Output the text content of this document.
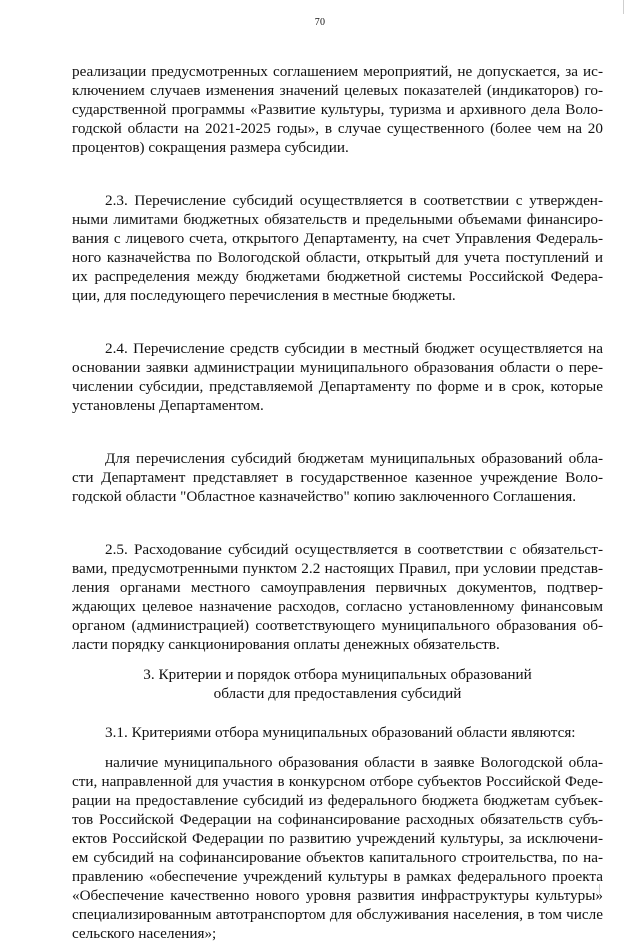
70

реализации предусмотренных соглашением мероприятий, не допускается, за исключением случаев изменения значений целевых показателей (индикаторов) государственной программы «Развитие культуры, туризма и архивного дела Вологодской области на 2021-2025 годы», в случае существенного (более чем на 20 процентов) сокращения размера субсидии.

2.3. Перечисление субсидий осуществляется в соответствии с утвержденными лимитами бюджетных обязательств и предельными объемами финансирования с лицевого счета, открытого Департаменту, на счет Управления Федерального казначейства по Вологодской области, открытый для учета поступлений и их распределения между бюджетами бюджетной системы Российской Федерации, для последующего перечисления в местные бюджеты.

2.4. Перечисление средств субсидии в местный бюджет осуществляется на основании заявки администрации муниципального образования области о перечислении субсидии, представляемой Департаменту по форме и в срок, которые установлены Департаментом.

Для перечисления субсидий бюджетам муниципальных образований области Департамент представляет в государственное казенное учреждение Вологодской области "Областное казначейство" копию заключенного Соглашения.

2.5. Расходование субсидий осуществляется в соответствии с обязательствами, предусмотренными пунктом 2.2 настоящих Правил, при условии представления органами местного самоуправления первичных документов, подтверждающих целевое назначение расходов, согласно установленному финансовым органом (администрацией) соответствующего муниципального образования области порядку санкционирования оплаты денежных обязательств.

3. Критерии и порядок отбора муниципальных образований
области для предоставления субсидий

3.1. Критериями отбора муниципальных образований области являются:

наличие муниципального образования области в заявке Вологодской области, направленной для участия в конкурсном отборе субъектов Российской Федерации на предоставление субсидий из федерального бюджета бюджетам субъектов Российской Федерации на софинансирование расходных обязательств субъектов Российской Федерации по развитию учреждений культуры, за исключением субсидий на софинансирование объектов капитального строительства, по направлению «обеспечение учреждений культуры в рамках федерального проекта «Обеспечение качественно нового уровня развития инфраструктуры культуры» специализированным автотранспортом для обслуживания населения, в том числе сельского населения»;
